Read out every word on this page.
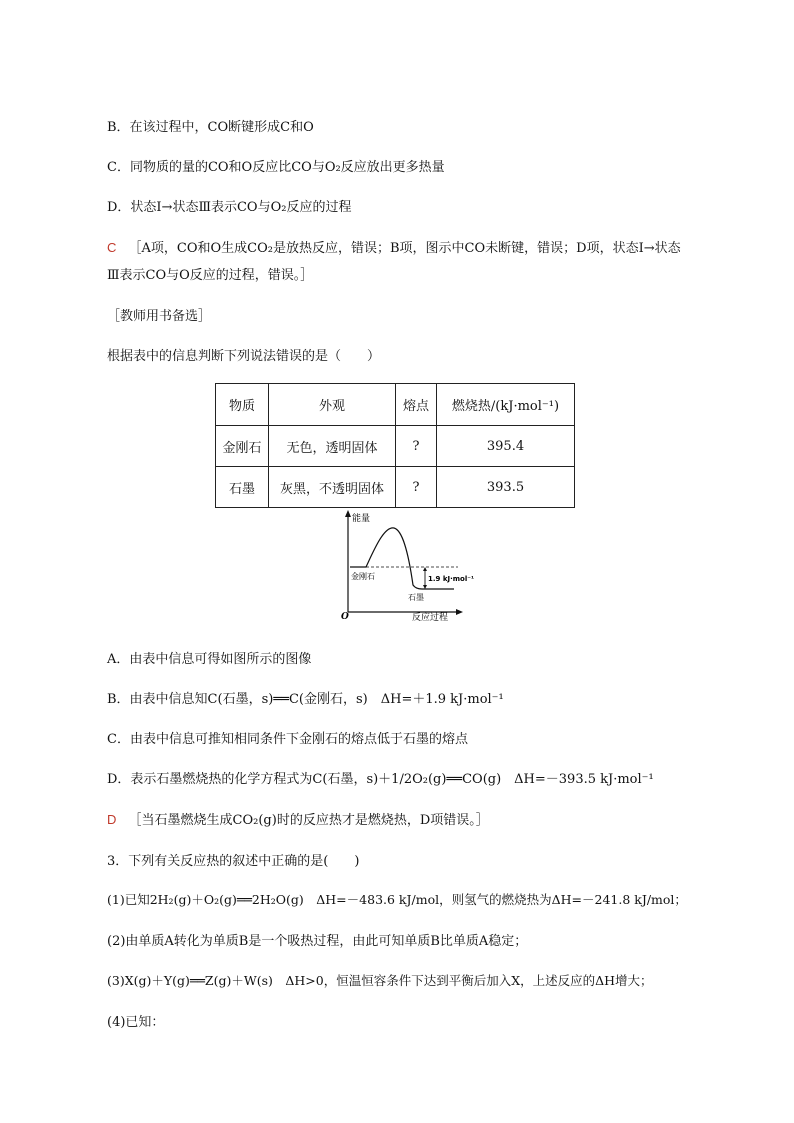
B．在该过程中，CO断键形成C和O
C．同物质的量的CO和O反应比CO与O₂反应放出更多热量
D．状态Ⅰ→状态Ⅲ表示CO与O₂反应的过程
C ［A项，CO和O生成CO₂是放热反应，错误；B项，图示中CO未断键，错误；D项，状态Ⅰ→状态
Ⅲ表示CO与O反应的过程，错误。］
［教师用书备选］
根据表中的信息判断下列说法错误的是（　　）
物质	外观	熔点	燃烧热/(kJ·mol⁻¹)
金刚石	无色，透明固体	?	395.4
石墨	灰黑，不透明固体	?	393.5
能量
反应过程
O
金刚石
石墨
1.9 kJ·mol⁻¹
A．由表中信息可得如图所示的图像
B．由表中信息知C(石墨，s)══C(金刚石，s)　ΔH=＋1.9 kJ·mol⁻¹
C．由表中信息可推知相同条件下金刚石的熔点低于石墨的熔点
D．表示石墨燃烧热的化学方程式为C(石墨，s)＋1/2O₂(g)══CO(g)　ΔH=－393.5 kJ·mol⁻¹
D ［当石墨燃烧生成CO₂(g)时的反应热才是燃烧热，D项错误。］
3．下列有关反应热的叙述中正确的是(　　)
(1)已知2H₂(g)＋O₂(g)══2H₂O(g)　ΔH=－483.6 kJ/mol，则氢气的燃烧热为ΔH=－241.8 kJ/mol；
(2)由单质A转化为单质B是一个吸热过程，由此可知单质B比单质A稳定；
(3)X(g)＋Y(g)══Z(g)＋W(s)　ΔH>0，恒温恒容条件下达到平衡后加入X，上述反应的ΔH增大；
(4)已知：
